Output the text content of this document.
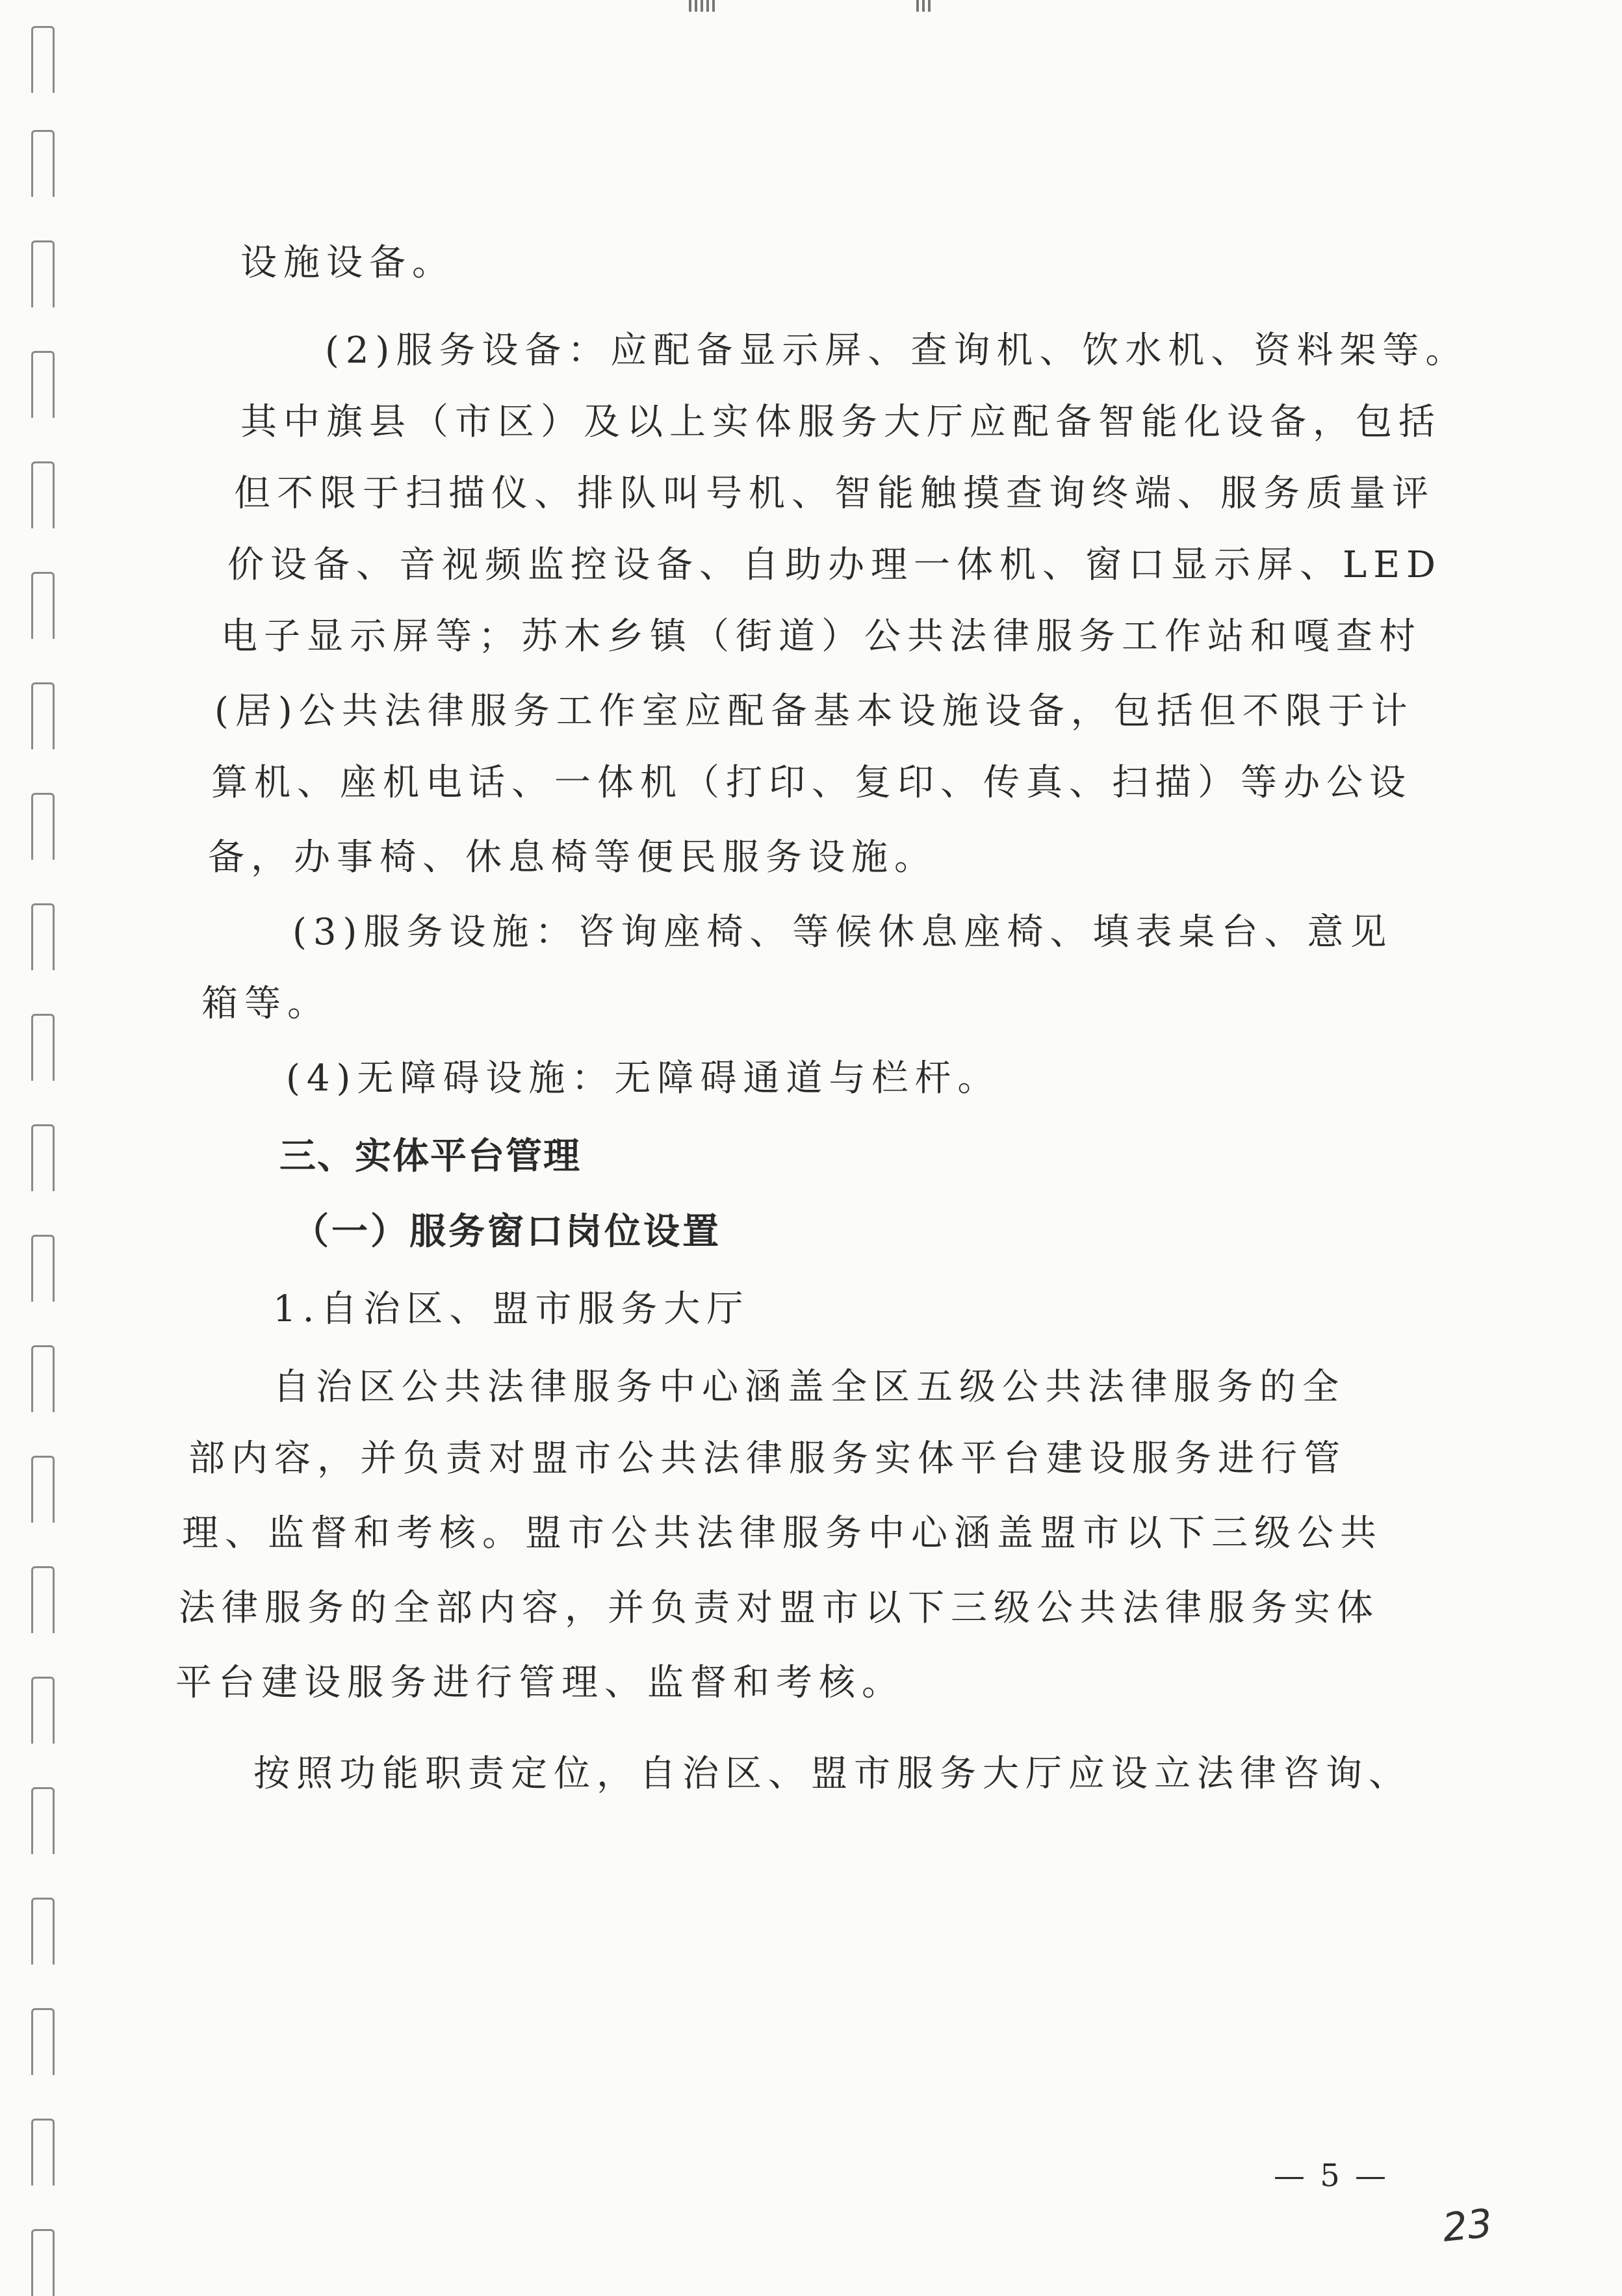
设施设备。
(2)服务设备：应配备显示屏、查询机、饮水机、资料架等。
其中旗县（市区）及以上实体服务大厅应配备智能化设备，包括
但不限于扫描仪、排队叫号机、智能触摸查询终端、服务质量评
价设备、音视频监控设备、自助办理一体机、窗口显示屏、LED
电子显示屏等；苏木乡镇（街道）公共法律服务工作站和嘎查村
(居)公共法律服务工作室应配备基本设施设备，包括但不限于计
算机、座机电话、一体机（打印、复印、传真、扫描）等办公设
备，办事椅、休息椅等便民服务设施。
(3)服务设施：咨询座椅、等候休息座椅、填表桌台、意见
箱等。
(4)无障碍设施：无障碍通道与栏杆。
三、实体平台管理
（一）服务窗口岗位设置
1.自治区、盟市服务大厅
自治区公共法律服务中心涵盖全区五级公共法律服务的全
部内容，并负责对盟市公共法律服务实体平台建设服务进行管
理、监督和考核。盟市公共法律服务中心涵盖盟市以下三级公共
法律服务的全部内容，并负责对盟市以下三级公共法律服务实体
平台建设服务进行管理、监督和考核。
按照功能职责定位，自治区、盟市服务大厅应设立法律咨询、
— 5 —
23
